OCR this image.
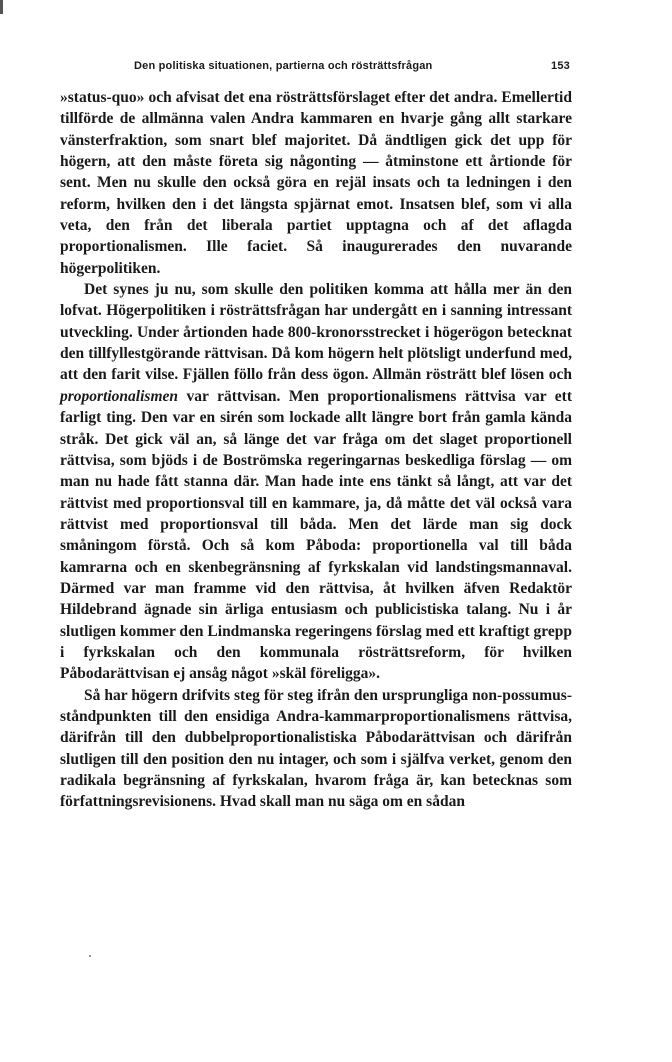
Den politiska situationen, partierna och rösträttsfrågan	153

»status-quo» och afvisat det ena rösträttsförslaget efter det andra. Emellertid tillförde de allmänna valen Andra kammaren en hvarje gång allt starkare vänsterfraktion, som snart blef majoritet. Då ändtligen gick det upp för högern, att den måste företa sig någonting — åtminstone ett årtionde för sent. Men nu skulle den också göra en rejäl insats och ta ledningen i den reform, hvilken den i det längsta spjärnat emot. Insatsen blef, som vi alla veta, den från det liberala partiet upptagna och af det aflagda proportionalismen. Ille faciet. Så inaugurerades den nuvarande högerpolitiken.

Det synes ju nu, som skulle den politiken komma att hålla mer än den lofvat. Högerpolitiken i rösträttsfrågan har undergått en i sanning intressant utveckling. Under årtionden hade 800-kronorsstrecket i högerögon betecknat den tillfyllestgörande rättvisan. Då kom högern helt plötsligt underfund med, att den farit vilse. Fjällen föllo från dess ögon. Allmän rösträtt blef lösen och proportionalismen var rättvisan. Men proportionalismens rättvisa var ett farligt ting. Den var en sirén som lockade allt längre bort från gamla kända stråk. Det gick väl an, så länge det var fråga om det slaget proportionell rättvisa, som bjöds i de Boströmska regeringarnas beskedliga förslag — om man nu hade fått stanna där. Man hade inte ens tänkt så långt, att var det rättvist med proportionsval till en kammare, ja, då måtte det väl också vara rättvist med proportionsval till båda. Men det lärde man sig dock småningom förstå. Och så kom Påboda: proportionella val till båda kamrarna och en skenbegränsning af fyrkskalan vid landstingsmannaval. Därmed var man framme vid den rättvisa, åt hvilken äfven Redaktör Hildebrand ägnade sin ärliga entusiasm och publicistiska talang. Nu i år slutligen kommer den Lindmanska regeringens förslag med ett kraftigt grepp i fyrkskalan och den kommunala rösträttsreform, för hvilken Påbodarättvisan ej ansåg något »skäl föreligga».

Så har högern drifvits steg för steg ifrån den ursprungliga non-possumus-ståndpunkten till den ensidiga Andra-kammarproportionalismens rättvisa, därifrån till den dubbelproportionalistiska Påbodarättvisan och därifrån slutligen till den position den nu intager, och som i själfva verket, genom den radikala begränsning af fyrkskalan, hvarom fråga är, kan betecknas som författningsrevisionens. Hvad skall man nu säga om en sådan
